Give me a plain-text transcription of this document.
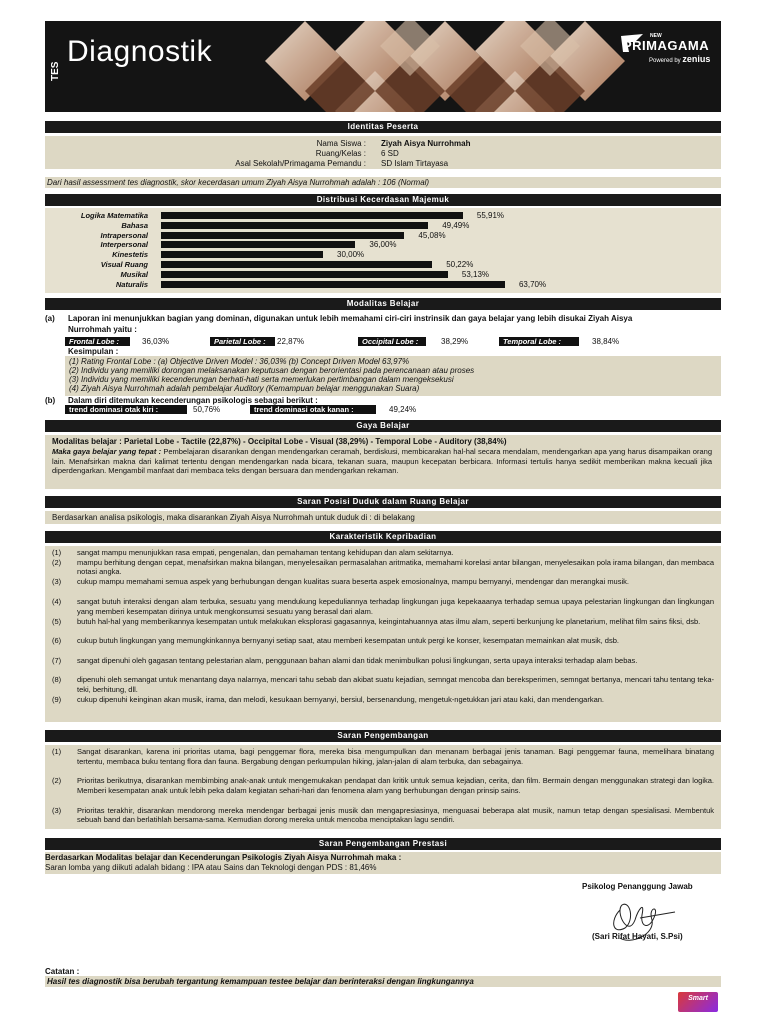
TES
Diagnostik	NEW
PRIMAGAMA
Powered by zenius
Identitas Peserta
Nama Siswa : Ziyah Aisya Nurrohmah
Ruang/Kelas : 6 SD
Asal Sekolah/Primagama Pemandu : SD Islam Tirtayasa
Dari hasil assessment tes diagnostik, skor kecerdasan umum Ziyah Aisya Nurrohmah adalah : 106 (Normal)
Distribusi Kecerdasan Majemuk
Logika Matematika	55,91%
Bahasa	49,49%
Intrapersonal	45,08%
Interpersonal	36,00%
Kinestetis	30,00%
Visual Ruang	50,22%
Musikal	53,13%
Naturalis	63,70%
Modalitas Belajar
(a) Laporan ini menunjukkan bagian yang dominan, digunakan untuk lebih memahami ciri-ciri instrinsik dan gaya belajar yang lebih disukai Ziyah Aisya
Nurrohmah yaitu :
Frontal Lobe :	36,03%	Parietal Lobe :	22,87%	Occipital Lobe :	38,29%	Temporal Lobe :	38,84%
Kesimpulan :
(1) Rating Frontal Lobe : (a) Objective Driven Model : 36,03% (b) Concept Driven Model 63,97%
(2) Individu yang memiliki dorongan melaksanakan keputusan dengan berorientasi pada perencanaan atau proses
(3) Individu yang memiliki kecenderungan berhati-hati serta memerlukan pertimbangan dalam mengeksekusi
(4) Ziyah Aisya Nurrohmah adalah pembelajar Auditory (Kemampuan belajar menggunakan Suara)
(b) Dalam diri ditemukan kecenderungan psikologis sebagai berikut :
trend dominasi otak kiri :	50,76%	trend dominasi otak kanan :	49,24%
Gaya Belajar
Modalitas belajar : Parietal Lobe - Tactile (22,87%) - Occipital Lobe - Visual (38,29%) - Temporal Lobe - Auditory (38,84%)
Maka gaya belajar yang tepat : Pembelajaran disarankan dengan mendengarkan ceramah, berdiskusi, membicarakan hal-hal secara mendalam, mendengarkan apa yang harus disampaikan orang lain. Menafsirkan makna dari kalimat tertentu dengan mendengarkan nada bicara, tekanan suara, maupun kecepatan berbicara. Informasi tertulis hanya sedikit memberikan makna kecuali jika diperdengarkan. Mengambil manfaat dari membaca teks dengan bersuara dan mendengarkan rekaman.
Saran Posisi Duduk dalam Ruang Belajar
Berdasarkan analisa psikologis, maka disarankan Ziyah Aisya Nurrohmah untuk duduk di : di belakang
Karakteristik Kepribadian
(1) sangat mampu menunjukkan rasa empati, pengenalan, dan pemahaman tentang kehidupan dan alam sekitarnya.
(2) mampu berhitung dengan cepat, menafsirkan makna bilangan, menyelesaikan permasalahan aritmatika, memahami korelasi antar bilangan, menyelesaikan pola irama bilangan, dan membaca notasi angka.
(3) cukup mampu memahami semua aspek yang berhubungan dengan kualitas suara beserta aspek emosionalnya, mampu bernyanyi, mendengar dan merangkai musik.
(4) sangat butuh interaksi dengan alam terbuka, sesuatu yang mendukung kepeduliannya terhadap lingkungan juga kepekaaanya terhadap semua upaya pelestarian lingkungan dan lingkungan yang memberi kesempatan dirinya untuk mengkonsumsi sesuatu yang berasal dari alam.
(5) butuh hal-hal yang memberikannya kesempatan untuk melakukan eksplorasi gagasannya, keingintahuannya atas ilmu alam, seperti berkunjung ke planetarium, melihat film sains fiksi, dsb.
(6) cukup butuh lingkungan yang memungkinkannya bernyanyi setiap saat, atau memberi kesempatan untuk pergi ke konser, kesempatan memainkan alat musik, dsb.
(7) sangat dipenuhi oleh gagasan tentang pelestarian alam, penggunaan bahan alami dan tidak menimbulkan polusi lingkungan, serta upaya interaksi terhadap alam bebas.
(8) dipenuhi oleh semangat untuk menantang daya nalarnya, mencari tahu sebab dan akibat suatu kejadian, semngat mencoba dan bereksperimen, semngat bertanya, mencari tahu tentang teka-teki, berhitung, dll.
(9) cukup dipenuhi keinginan akan musik, irama, dan melodi, kesukaan bernyanyi, bersiul, bersenandung, mengetuk-ngetukkan jari atau kaki, dan mendengarkan.
Saran Pengembangan
(1) Sangat disarankan, karena ini prioritas utama, bagi penggemar flora, mereka bisa mengumpulkan dan menanam berbagai jenis tanaman. Bagi penggemar fauna, memelihara binatang tertentu, membaca buku tentang flora dan fauna. Bergabung dengan perkumpulan hiking, jalan-jalan di alam terbuka, dan sebagainya.
(2) Prioritas berikutnya, disarankan membimbing anak-anak untuk mengemukakan pendapat dan kritik untuk semua kejadian, cerita, dan film. Bermain dengan menggunakan strategi dan logika. Memberi kesempatan anak untuk lebih peka dalam kegiatan sehari-hari dan fenomena alam yang berhubungan dengan prinsip sains.
(3) Prioritas terakhir, disarankan mendorong mereka mendengar berbagai jenis musik dan mengapresiasinya, menguasai beberapa alat musik, namun tetap dengan spesialisasi. Membentuk sebuah band dan berlatihlah bersama-sama. Kemudian dorong mereka untuk mencoba menciptakan lagu sendiri.
Saran Pengembangan Prestasi
Berdasarkan Modalitas belajar dan Kecenderungan Psikologis Ziyah Aisya Nurrohmah maka :
Saran lomba yang diikuti adalah bidang : IPA atau Sains dan Teknologi dengan PDS : 81,46%
Psikolog Penanggung Jawab
(Sari Rifat Hayati, S.Psi)
Catatan :
Hasil tes diagnostik bisa berubah tergantung kemampuan testee belajar dan berinteraksi dengan lingkungannya
Smart
